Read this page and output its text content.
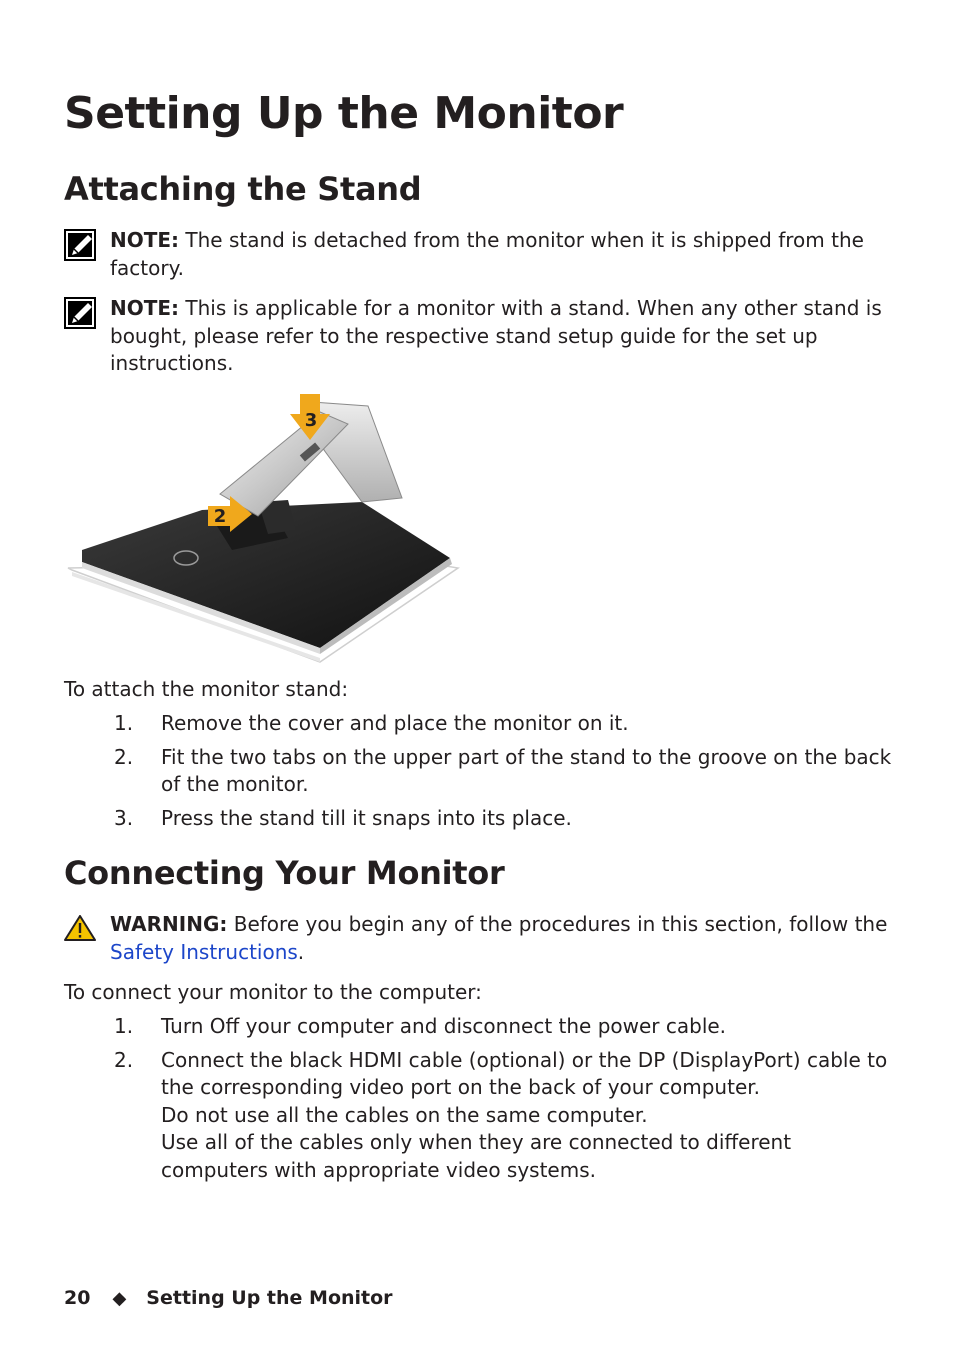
Setting Up the Monitor
Attaching the Stand
NOTE: The stand is detached from the monitor when it is shipped from the factory.
NOTE: This is applicable for a monitor with a stand. When any other stand is bought, please refer to the respective stand setup guide for the set up instructions.
3
2
To attach the monitor stand:
1. Remove the cover and place the monitor on it.
2. Fit the two tabs on the upper part of the stand to the groove on the back of the monitor.
3. Press the stand till it snaps into its place.
Connecting Your Monitor
WARNING: Before you begin any of the procedures in this section, follow the Safety Instructions.
To connect your monitor to the computer:
1. Turn Off your computer and disconnect the power cable.
2. Connect the black HDMI cable (optional) or the DP (DisplayPort) cable to the corresponding video port on the back of your computer.
Do not use all the cables on the same computer.
Use all of the cables only when they are connected to different computers with appropriate video systems.
20 ◆ Setting Up the Monitor
